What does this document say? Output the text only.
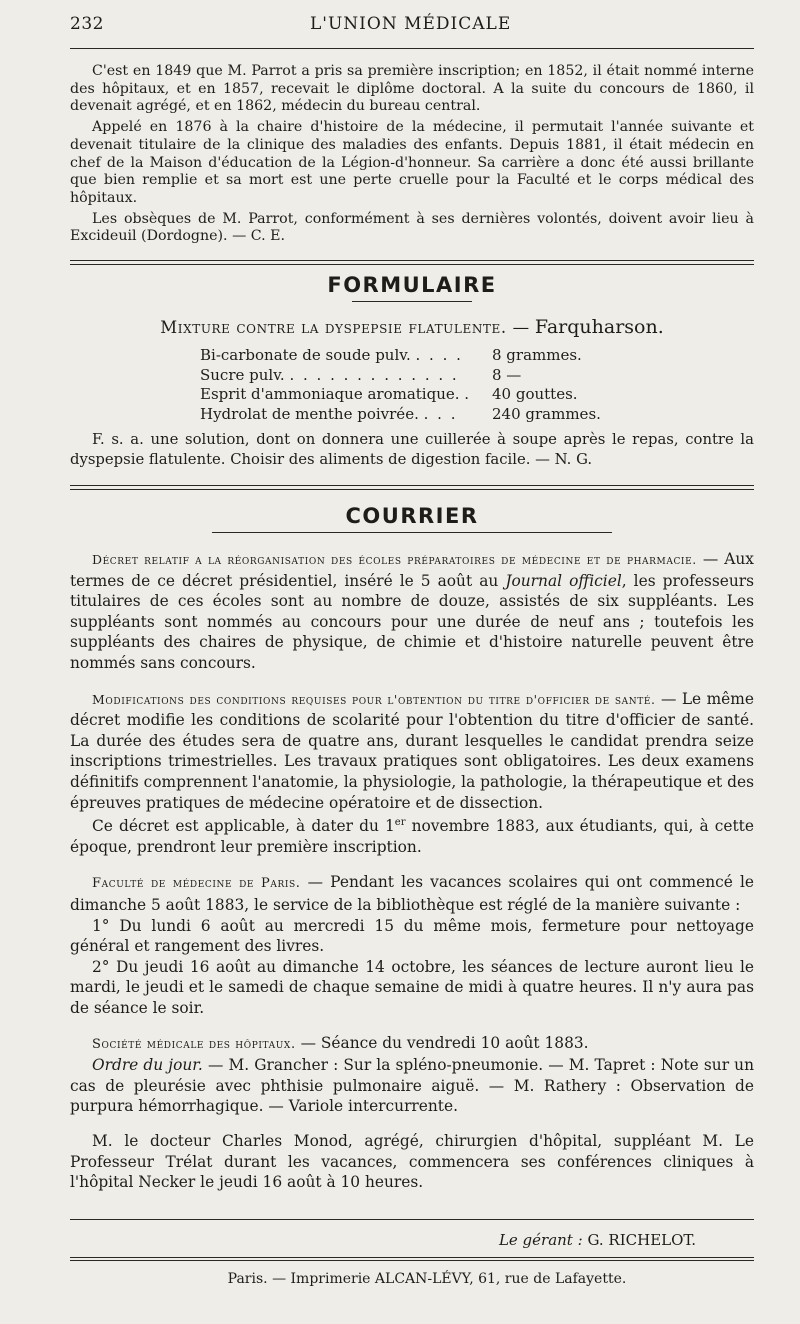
232	L'UNION MÉDICALE

C'est en 1849 que M. Parrot a pris sa première inscription; en 1852, il était nommé interne des hôpitaux, et en 1857, recevait le diplôme doctoral. A la suite du concours de 1860, il devenait agrégé, et en 1862, médecin du bureau central.

Appelé en 1876 à la chaire d'histoire de la médecine, il permutait l'année suivante et devenait titulaire de la clinique des maladies des enfants. Depuis 1881, il était médecin en chef de la Maison d'éducation de la Légion-d'honneur. Sa carrière a donc été aussi brillante que bien remplie et sa mort est une perte cruelle pour la Faculté et le corps médical des hôpitaux.

Les obsèques de M. Parrot, conformément à ses dernières volontés, doivent avoir lieu à Excideuil (Dordogne). — C. E.

FORMULAIRE
Mixture contre la dyspepsie flatulente. — Farquharson.
Bi-carbonate de soude pulv. . . . .	8 grammes.
Sucre pulv. . . . . . . . . . . . . .	8 —
Esprit d'ammoniaque aromatique. .	40 gouttes.
Hydrolat de menthe poivrée. . . .	240 grammes.

F. s. a. une solution, dont on donnera une cuillerée à soupe après le repas, contre la dyspepsie flatulente. Choisir des aliments de digestion facile. — N. G.

COURRIER

Décret relatif a la réorganisation des écoles préparatoires de médecine et de pharmacie. — Aux termes de ce décret présidentiel, inséré le 5 août au Journal officiel, les professeurs titulaires de ces écoles sont au nombre de douze, assistés de six suppléants. Les suppléants sont nommés au concours pour une durée de neuf ans ; toutefois les suppléants des chaires de physique, de chimie et d'histoire naturelle peuvent être nommés sans concours.

Modifications des conditions requises pour l'obtention du titre d'officier de santé. — Le même décret modifie les conditions de scolarité pour l'obtention du titre d'officier de santé. La durée des études sera de quatre ans, durant lesquelles le candidat prendra seize inscriptions trimestrielles. Les travaux pratiques sont obligatoires. Les deux examens définitifs comprennent l'anatomie, la physiologie, la pathologie, la thérapeutique et des épreuves pratiques de médecine opératoire et de dissection.

Ce décret est applicable, à dater du 1er novembre 1883, aux étudiants, qui, à cette époque, prendront leur première inscription.

Faculté de médecine de Paris. — Pendant les vacances scolaires qui ont commencé le dimanche 5 août 1883, le service de la bibliothèque est réglé de la manière suivante :

1° Du lundi 6 août au mercredi 15 du même mois, fermeture pour nettoyage général et rangement des livres.

2° Du jeudi 16 août au dimanche 14 octobre, les séances de lecture auront lieu le mardi, le jeudi et le samedi de chaque semaine de midi à quatre heures. Il n'y aura pas de séance le soir.

Société médicale des hôpitaux. — Séance du vendredi 10 août 1883.

Ordre du jour. — M. Grancher : Sur la spléno-pneumonie. — M. Tapret : Note sur un cas de pleurésie avec phthisie pulmonaire aiguë. — M. Rathery : Observation de purpura hémorrhagique. — Variole intercurrente.

M. le docteur Charles Monod, agrégé, chirurgien d'hôpital, suppléant M. Le Professeur Trélat durant les vacances, commencera ses conférences cliniques à l'hôpital Necker le jeudi 16 août à 10 heures.

Le gérant : G. RICHELOT.
Paris. — Imprimerie ALCAN-LÉVY, 61, rue de Lafayette.
